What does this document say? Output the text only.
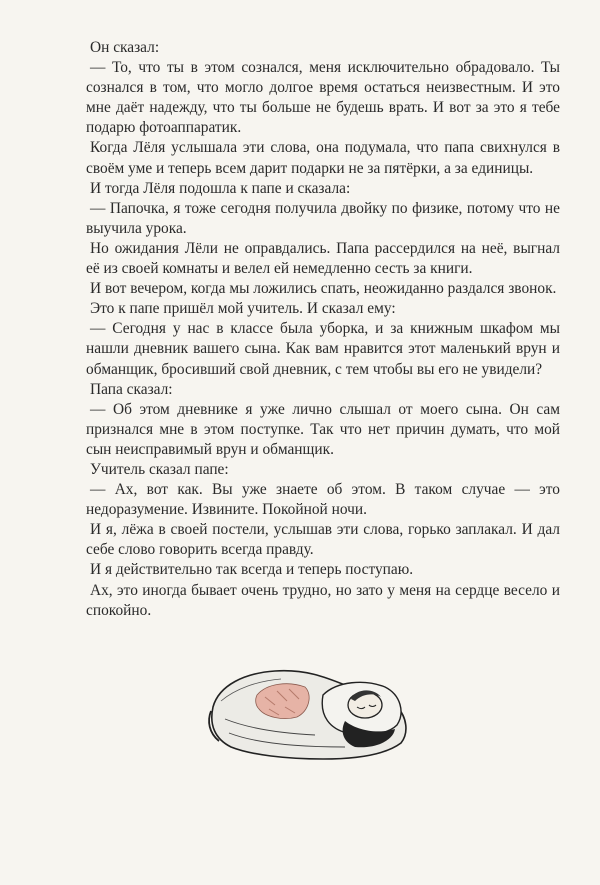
Он сказал:

— То, что ты в этом сознался, меня исключительно обрадовало. Ты сознался в том, что могло долгое время остаться неизвестным. И это мне даёт надежду, что ты больше не будешь врать. И вот за это я тебе подарю фотоаппаратик.

Когда Лёля услышала эти слова, она подумала, что папа свихнулся в своём уме и теперь всем дарит подарки не за пятёрки, а за единицы.

И тогда Лёля подошла к папе и сказала:

— Папочка, я тоже сегодня получила двойку по физике, потому что не выучила урока.

Но ожидания Лёли не оправдались. Папа рассердился на неё, выгнал её из своей комнаты и велел ей немедленно сесть за книги.

И вот вечером, когда мы ложились спать, неожиданно раздался звонок.

Это к папе пришёл мой учитель. И сказал ему:

— Сегодня у нас в классе была уборка, и за книжным шкафом мы нашли дневник вашего сына. Как вам нравится этот маленький врун и обманщик, бросивший свой дневник, с тем чтобы вы его не увидели?

Папа сказал:

— Об этом дневнике я уже лично слышал от моего сына. Он сам признался мне в этом поступке. Так что нет причин думать, что мой сын неисправимый врун и обманщик.

Учитель сказал папе:

— Ах, вот как. Вы уже знаете об этом. В таком случае — это недоразумение. Извините. Покойной ночи.

И я, лёжа в своей постели, услышав эти слова, горько заплакал. И дал себе слово говорить всегда правду.

И я действительно так всегда и теперь поступаю.

Ах, это иногда бывает очень трудно, но зато у меня на сердце весело и спокойно.
